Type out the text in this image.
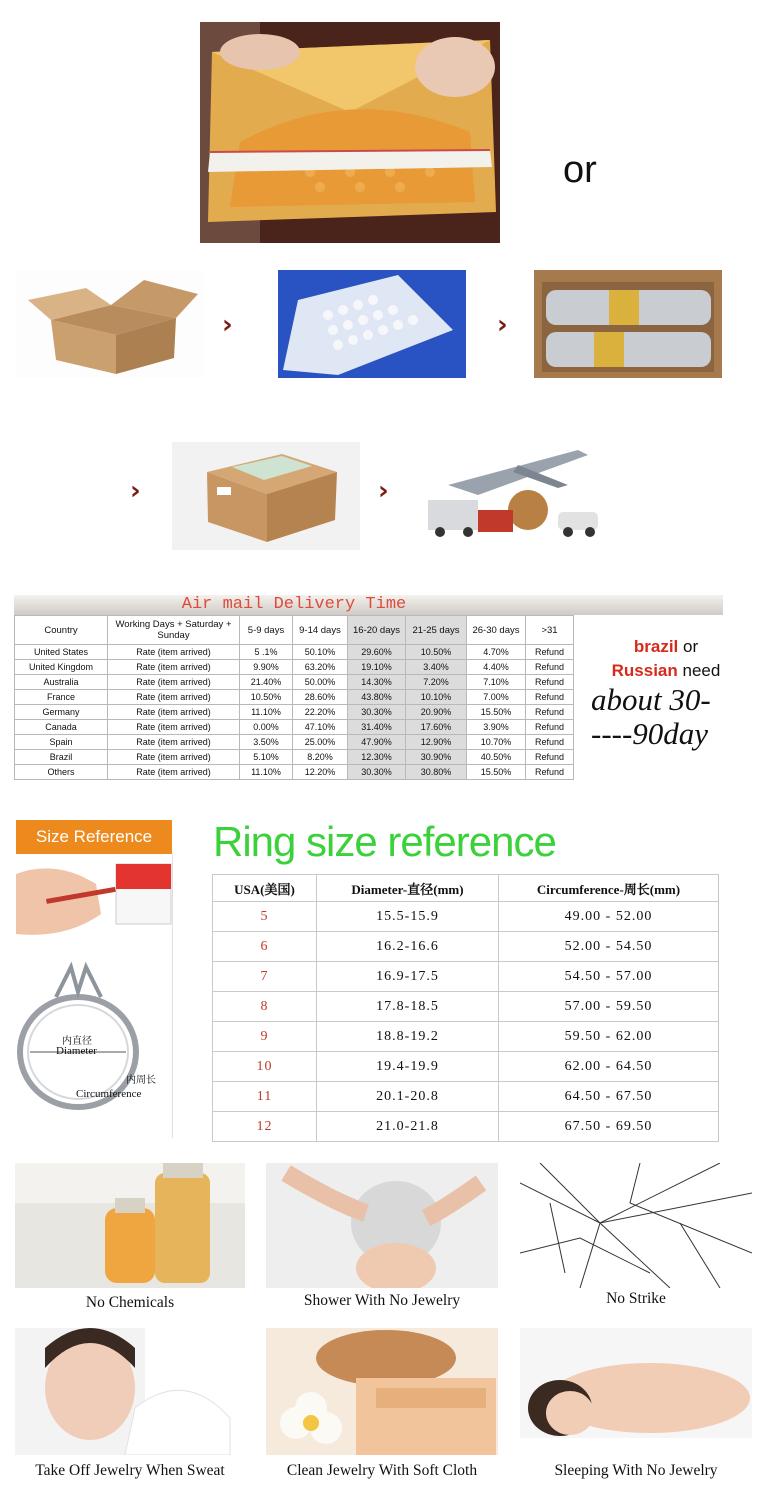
or
›	›
›	›
Air mail Delivery Time
Country	Working Days + Saturday + Sunday	5-9 days	9-14 days	16-20 days	21-25 days	26-30 days	>31
United States	Rate (item arrived)	5 .1%	50.10%	29.60%	10.50%	4.70%	Refund
United Kingdom	Rate (item arrived)	9.90%	63.20%	19.10%	3.40%	4.40%	Refund
Australia	Rate (item arrived)	21.40%	50.00%	14.30%	7.20%	7.10%	Refund
France	Rate (item arrived)	10.50%	28.60%	43.80%	10.10%	7.00%	Refund
Germany	Rate (item arrived)	11.10%	22.20%	30.30%	20.90%	15.50%	Refund
Canada	Rate (item arrived)	0.00%	47.10%	31.40%	17.60%	3.90%	Refund
Spain	Rate (item arrived)	3.50%	25.00%	47.90%	12.90%	10.70%	Refund
Brazil	Rate (item arrived)	5.10%	8.20%	12.30%	30.90%	40.50%	Refund
Others	Rate (item arrived)	11.10%	12.20%	30.30%	30.80%	15.50%	Refund
brazil or
Russian need
about 30-
----90day
Size Reference
内直径
Diameter
内周长
Circumference
Ring size reference
USA(美国)	Diameter-直径(mm)	Circumference-周长(mm)
5	15.5-15.9	49.00 - 52.00
6	16.2-16.6	52.00 - 54.50
7	16.9-17.5	54.50 - 57.00
8	17.8-18.5	57.00 - 59.50
9	18.8-19.2	59.50 - 62.00
10	19.4-19.9	62.00 - 64.50
11	20.1-20.8	64.50 - 67.50
12	21.0-21.8	67.50 - 69.50
No Chemicals	Shower With No Jewelry	No Strike
Take Off Jewelry When Sweat	Clean Jewelry With Soft Cloth	Sleeping With No Jewelry
